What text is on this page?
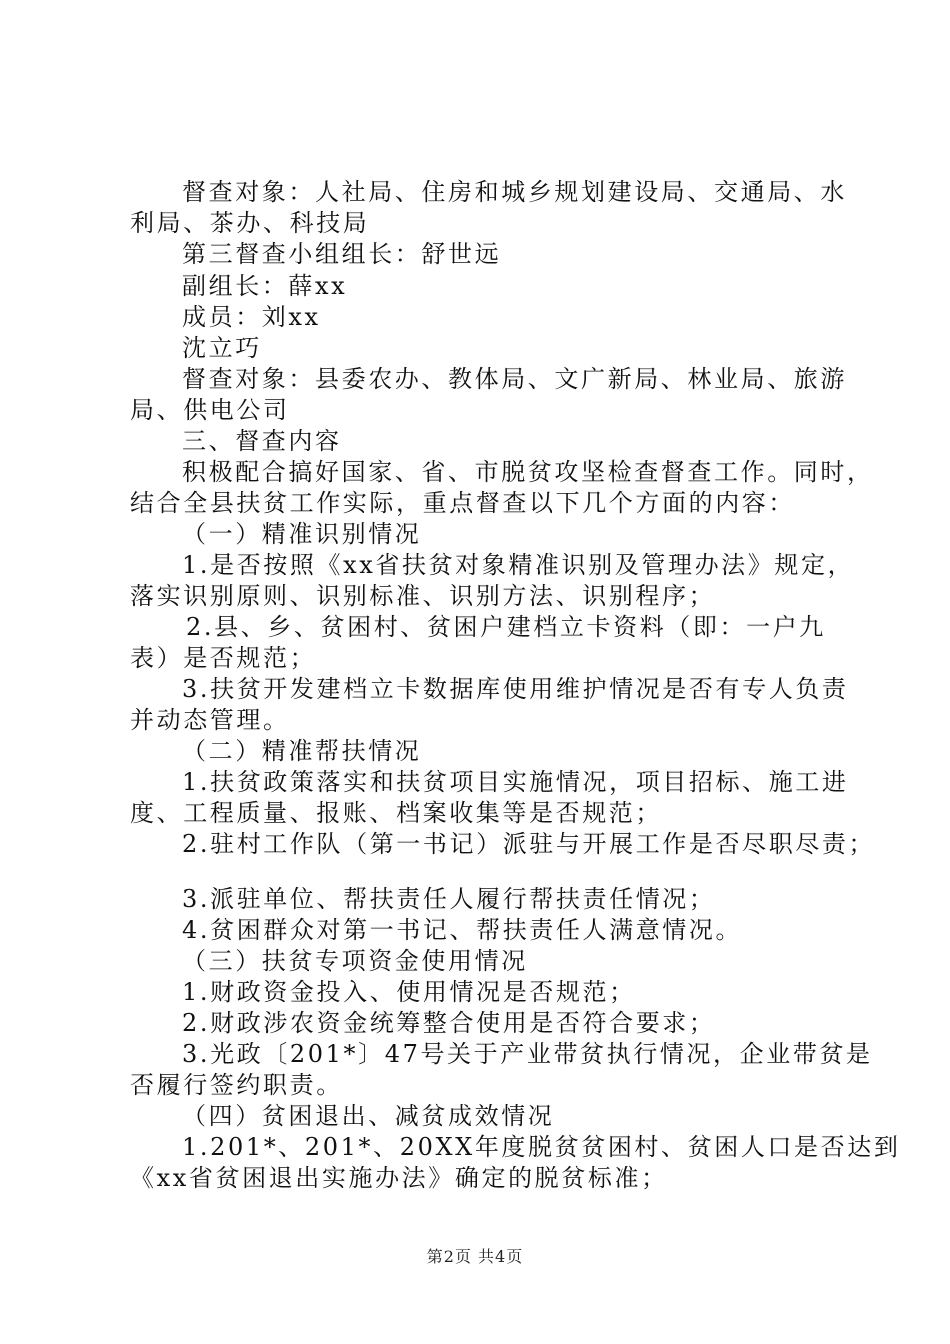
督查对象：人社局、住房和城乡规划建设局、交通局、水
利局、茶办、科技局
第三督查小组组长：舒世远
副组长：薛xx
成员：刘xx
沈立巧
督查对象：县委农办、教体局、文广新局、林业局、旅游
局、供电公司
三、督查内容
积极配合搞好国家、省、市脱贫攻坚检查督查工作。同时，
结合全县扶贫工作实际，重点督查以下几个方面的内容：
（一）精准识别情况
1.是否按照《xx省扶贫对象精准识别及管理办法》规定，
落实识别原则、识别标准、识别方法、识别程序；
2.县、乡、贫困村、贫困户建档立卡资料（即：一户九
表）是否规范；
3.扶贫开发建档立卡数据库使用维护情况是否有专人负责
并动态管理。
（二）精准帮扶情况
1.扶贫政策落实和扶贫项目实施情况，项目招标、施工进
度、工程质量、报账、档案收集等是否规范；
2.驻村工作队（第一书记）派驻与开展工作是否尽职尽责；
3.派驻单位、帮扶责任人履行帮扶责任情况；
4.贫困群众对第一书记、帮扶责任人满意情况。
（三）扶贫专项资金使用情况
1.财政资金投入、使用情况是否规范；
2.财政涉农资金统筹整合使用是否符合要求；
3.光政〔201*〕47号关于产业带贫执行情况，企业带贫是
否履行签约职责。
（四）贫困退出、减贫成效情况
1.201*、201*、20XX年度脱贫贫困村、贫困人口是否达到
《xx省贫困退出实施办法》确定的脱贫标准；
第2页 共4页
